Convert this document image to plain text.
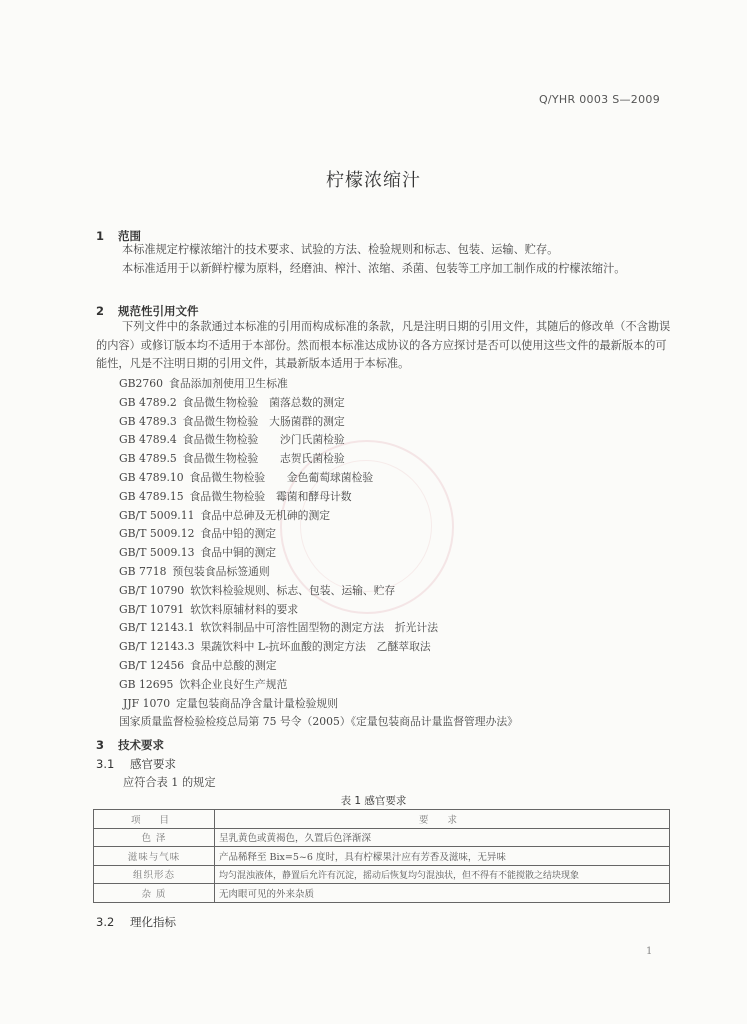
Q/YHR 0003 S—2009
柠檬浓缩汁
1 范围
本标准规定柠檬浓缩汁的技术要求、试验的方法、检验规则和标志、包装、运输、贮存。
本标准适用于以新鲜柠檬为原料，经磨油、榨汁、浓缩、杀菌、包装等工序加工制作成的柠檬浓缩汁。
2 规范性引用文件
下列文件中的条款通过本标准的引用而构成标准的条款，凡是注明日期的引用文件，其随后的修改单（不含勘误的内容）或修订版本均不适用于本部份。然而根本标准达成协议的各方应探讨是否可以使用这些文件的最新版本的可能性，凡是不注明日期的引用文件，其最新版本适用于本标准。
GB2760 食品添加剂使用卫生标准
GB 4789.2 食品微生物检验　菌落总数的测定
GB 4789.3 食品微生物检验　大肠菌群的测定
GB 4789.4 食品微生物检验　　沙门氏菌检验
GB 4789.5 食品微生物检验　　志贺氏菌检验
GB 4789.10 食品微生物检验　　金色葡萄球菌检验
GB 4789.15 食品微生物检验　霉菌和酵母计数
GB/T 5009.11 食品中总砷及无机砷的测定
GB/T 5009.12 食品中铅的测定
GB/T 5009.13 食品中铜的测定
GB 7718 预包装食品标签通则
GB/T 10790 软饮料检验规则、标志、包装、运输、贮存
GB/T 10791 软饮料原辅材料的要求
GB/T 12143.1 软饮料制品中可溶性固型物的测定方法　折光计法
GB/T 12143.3 果蔬饮料中 L-抗坏血酸的测定方法　乙醚萃取法
GB/T 12456 食品中总酸的测定
GB 12695 饮料企业良好生产规范
JJF 1070 定量包装商品净含量计量检验规则
国家质量监督检验检疫总局第 75 号令（2005）《定量包装商品计量监督管理办法》
3 技术要求
3.1 感官要求
应符合表 1 的规定
表 1 感官要求
项 目	要 求
色 泽	呈乳黄色或黄褐色，久置后色泽渐深
滋味与气味	产品稀释至 Bix=5~6 度时，具有柠檬果汁应有芳香及滋味，无异味
组织形态	均匀混浊液体，静置后允许有沉淀，摇动后恢复均匀混浊状，但不得有不能搅散之结块现象
杂 质	无肉眼可见的外来杂质
3.2 理化指标
1
